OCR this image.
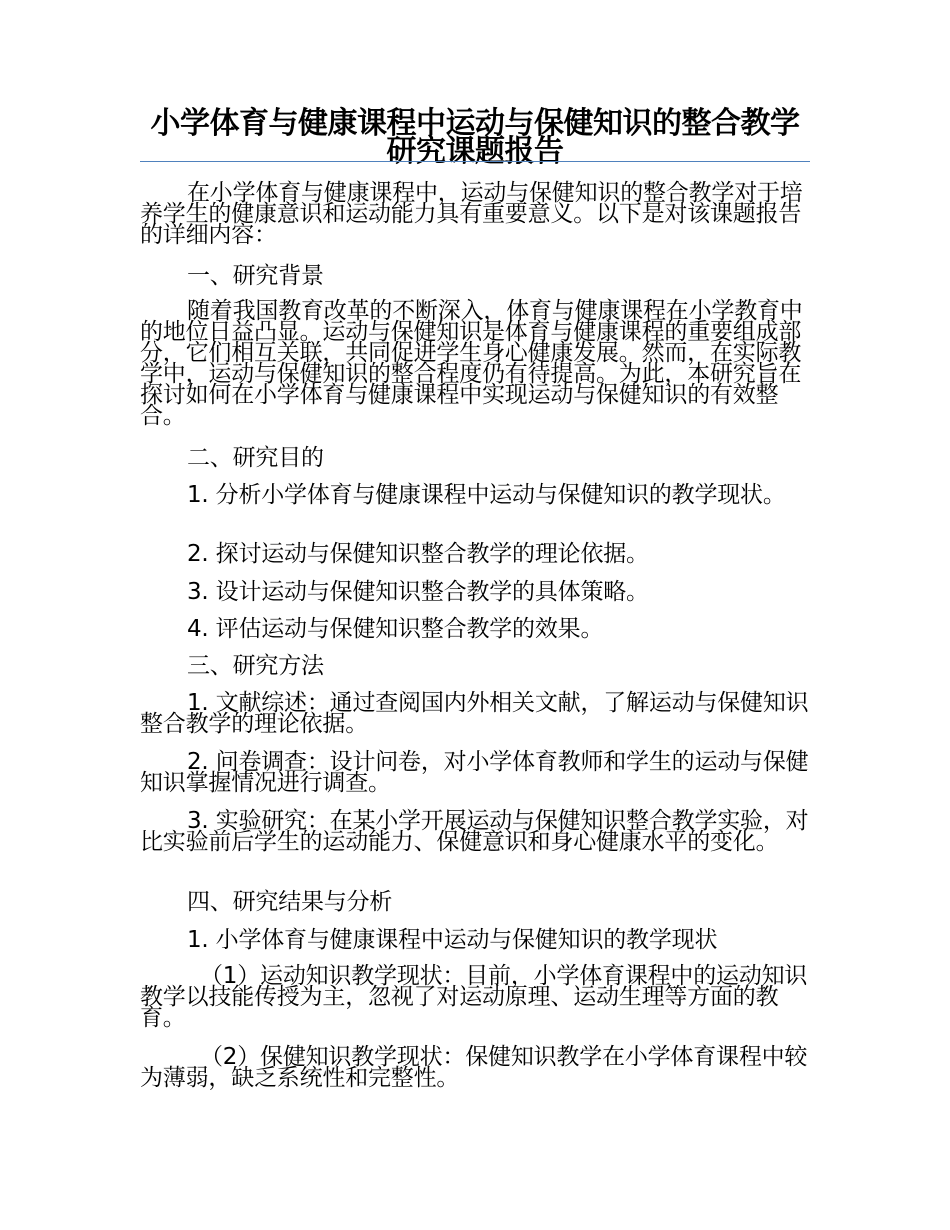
小学体育与健康课程中运动与保健知识的整合教学研究课题报告
在小学体育与健康课程中，运动与保健知识的整合教学对于培养学生的健康意识和运动能力具有重要意义。以下是对该课题报告的详细内容：
一、研究背景
随着我国教育改革的不断深入，体育与健康课程在小学教育中的地位日益凸显。运动与保健知识是体育与健康课程的重要组成部分，它们相互关联，共同促进学生身心健康发展。然而，在实际教学中，运动与保健知识的整合程度仍有待提高。为此，本研究旨在探讨如何在小学体育与健康课程中实现运动与保健知识的有效整合。
二、研究目的
1. 分析小学体育与健康课程中运动与保健知识的教学现状。
2. 探讨运动与保健知识整合教学的理论依据。
3. 设计运动与保健知识整合教学的具体策略。
4. 评估运动与保健知识整合教学的效果。
三、研究方法
1. 文献综述：通过查阅国内外相关文献，了解运动与保健知识整合教学的理论依据。
2. 问卷调查：设计问卷，对小学体育教师和学生的运动与保健知识掌握情况进行调查。
3. 实验研究：在某小学开展运动与保健知识整合教学实验，对比实验前后学生的运动能力、保健意识和身心健康水平的变化。
四、研究结果与分析
1. 小学体育与健康课程中运动与保健知识的教学现状
（1）运动知识教学现状：目前，小学体育课程中的运动知识教学以技能传授为主，忽视了对运动原理、运动生理等方面的教育。
（2）保健知识教学现状：保健知识教学在小学体育课程中较为薄弱，缺乏系统性和完整性。
